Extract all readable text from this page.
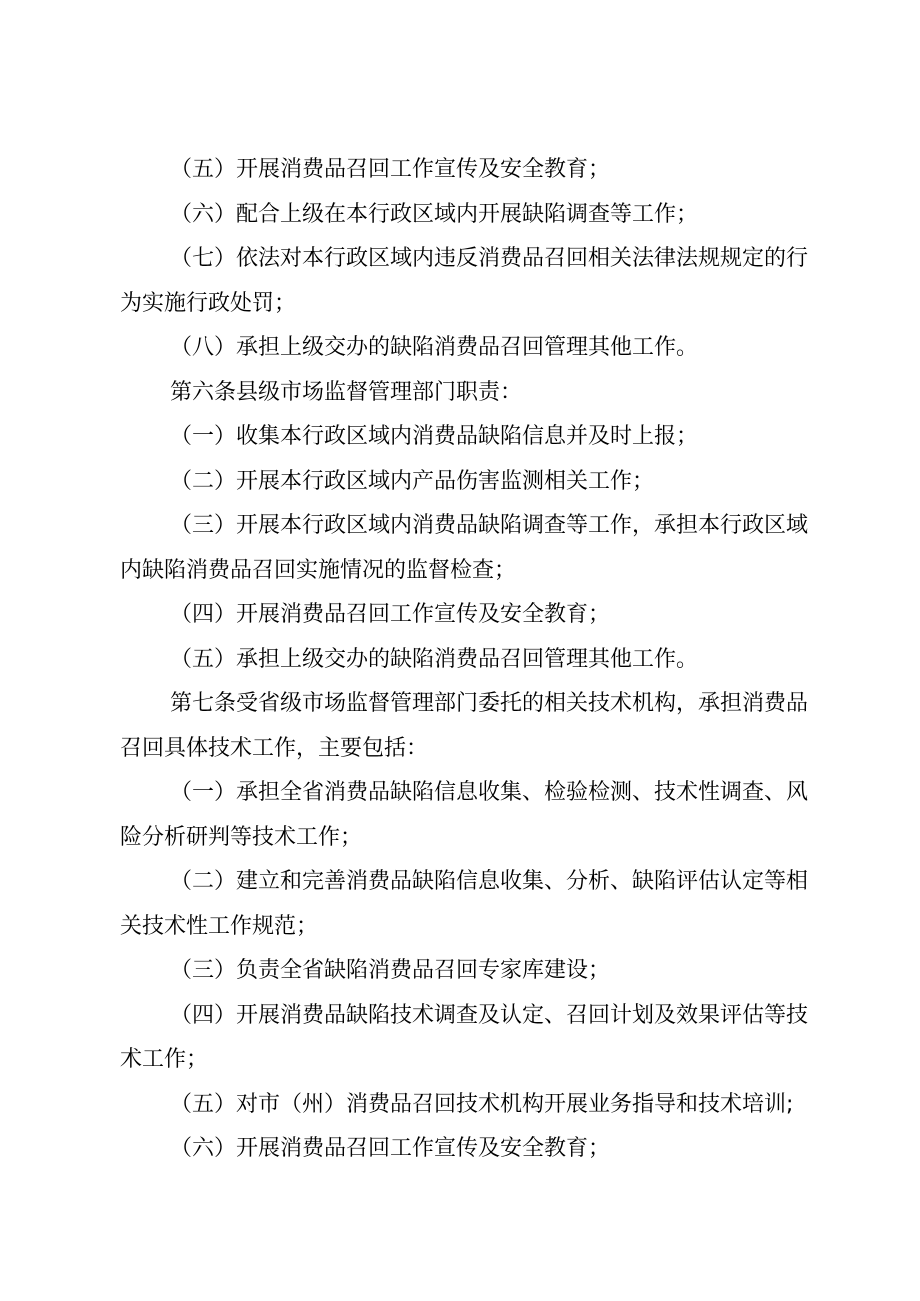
（五）开展消费品召回工作宣传及安全教育；

（六）配合上级在本行政区域内开展缺陷调查等工作；

（七）依法对本行政区域内违反消费品召回相关法律法规规定的行为实施行政处罚；

（八）承担上级交办的缺陷消费品召回管理其他工作。

第六条县级市场监督管理部门职责：

（一）收集本行政区域内消费品缺陷信息并及时上报；

（二）开展本行政区域内产品伤害监测相关工作；

（三）开展本行政区域内消费品缺陷调查等工作，承担本行政区域内缺陷消费品召回实施情况的监督检查；

（四）开展消费品召回工作宣传及安全教育；

（五）承担上级交办的缺陷消费品召回管理其他工作。

第七条受省级市场监督管理部门委托的相关技术机构，承担消费品召回具体技术工作，主要包括：

（一）承担全省消费品缺陷信息收集、检验检测、技术性调查、风险分析研判等技术工作；

（二）建立和完善消费品缺陷信息收集、分析、缺陷评估认定等相关技术性工作规范；

（三）负责全省缺陷消费品召回专家库建设；

（四）开展消费品缺陷技术调查及认定、召回计划及效果评估等技术工作；

（五）对市（州）消费品召回技术机构开展业务指导和技术培训;

（六）开展消费品召回工作宣传及安全教育；
